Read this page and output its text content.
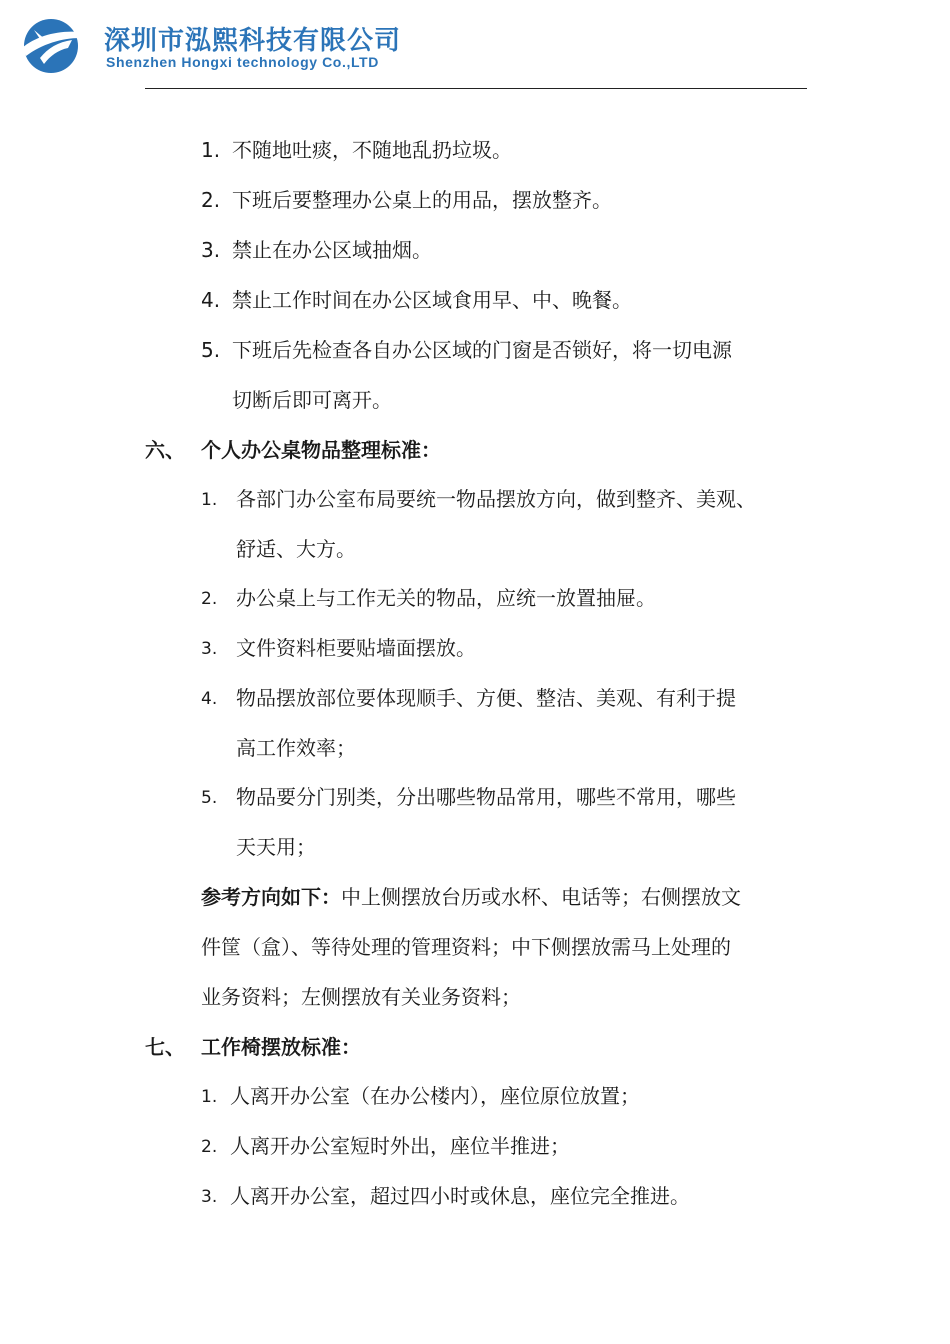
深圳市泓熙科技有限公司
Shenzhen Hongxi technology Co.,LTD
1. 不随地吐痰，不随地乱扔垃圾。
2. 下班后要整理办公桌上的用品，摆放整齐。
3. 禁止在办公区域抽烟。
4. 禁止工作时间在办公区域食用早、中、晚餐。
5. 下班后先检查各自办公区域的门窗是否锁好，将一切电源
切断后即可离开。
六、 个人办公桌物品整理标准：
1. 各部门办公室布局要统一物品摆放方向，做到整齐、美观、
舒适、大方。
2. 办公桌上与工作无关的物品，应统一放置抽屉。
3. 文件资料柜要贴墙面摆放。
4. 物品摆放部位要体现顺手、方便、整洁、美观、有利于提
高工作效率；
5. 物品要分门别类，分出哪些物品常用，哪些不常用，哪些
天天用；
参考方向如下：中上侧摆放台历或水杯、电话等；右侧摆放文
件筐（盒）、等待处理的管理资料；中下侧摆放需马上处理的
业务资料；左侧摆放有关业务资料；
七、 工作椅摆放标准：
1. 人离开办公室（在办公楼内），座位原位放置；
2. 人离开办公室短时外出，座位半推进；
3. 人离开办公室，超过四小时或休息，座位完全推进。
